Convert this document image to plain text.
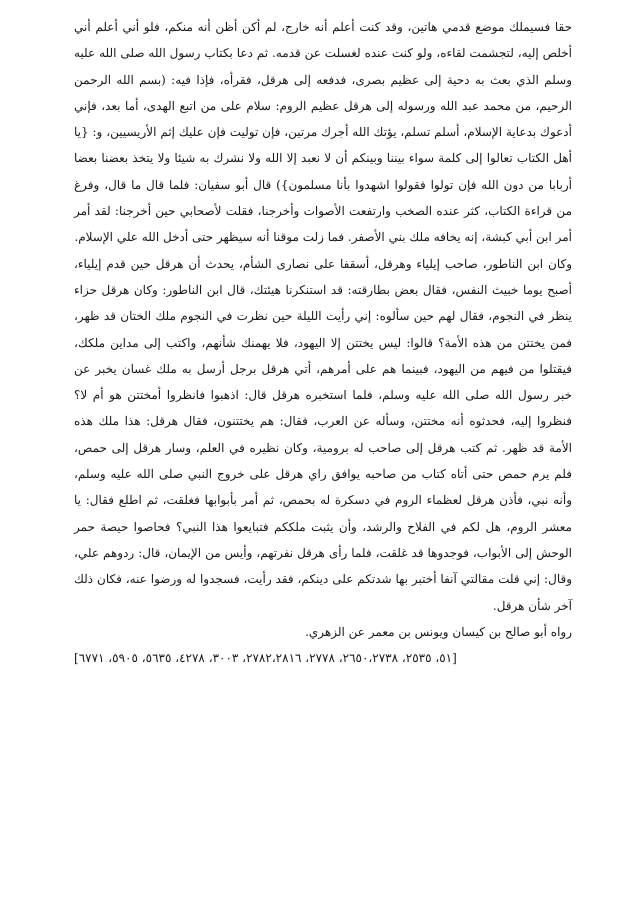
حقا فسيملك موضع قدمي هاتين، وقد كنت أعلم أنه خارج، لم أكن أظن أنه منكم، فلو أني أعلم أني أخلص إليه، لتجشمت لقاءه، ولو كنت عنده لغسلت عن قدمه. ثم دعا بكتاب رسول الله صلى الله عليه وسلم الذي بعث به دحية إلى عظيم بصرى، فدفعه إلى هرقل، فقرأه، فإذا فيه: (بسم الله الرحمن الرحيم، من محمد عبد الله ورسوله إلى هرقل عظيم الروم: سلام على من اتبع الهدى، أما بعد، فإني أدعوك بدعاية الإسلام، أسلم تسلم، يؤتك الله أجرك مرتين، فإن توليت فإن عليك إثم الأريسيين، و: {يا أهل الكتاب تعالوا إلى كلمة سواء بيننا وبينكم أن لا نعبد إلا الله ولا نشرك به شيئا ولا يتخذ بعضنا بعضا أربابا من دون الله فإن تولوا فقولوا اشهدوا بأنا مسلمون}) قال أبو سفيان: فلما قال ما قال، وفرغ من قراءة الكتاب، كثر عنده الصخب وارتفعت الأصوات وأخرجنا، فقلت لأصحابي حين أخرجنا: لقد أمر أمر ابن أبي كبشة، إنه يخافه ملك بني الأصفر. فما زلت موقنا أنه سيظهر حتى أدخل الله علي الإسلام.

وكان ابن الناطور، صاحب إيلياء وهرقل، أسقفا على نصارى الشأم، يحدث أن هرقل حين قدم إيلياء، أصبح يوما خبيث النفس، فقال بعض بطارقته: قد استنكرنا هيئتك، قال ابن الناطور: وكان هرقل حزاء ينظر في النجوم، فقال لهم حين سألوه: إني رأيت الليلة حين نظرت في النجوم ملك الختان قد ظهر، فمن يختتن من هذه الأمة؟ قالوا: ليس يختتن إلا اليهود، فلا يهمنك شأنهم، واكتب إلى مداين ملكك، فيقتلوا من فيهم من اليهود، فبينما هم على أمرهم، أتي هرقل برجل أرسل به ملك غسان يخبر عن خبر رسول الله صلى الله عليه وسلم، فلما استخبره هرقل قال: اذهبوا فانظروا أمختتن هو أم لا؟ فنظروا إليه، فحدثوه أنه مختتن، وسأله عن العرب، فقال: هم يختتنون، فقال هرقل: هذا ملك هذه الأمة قد ظهر. ثم كتب هرقل إلى صاحب له برومية، وكان نظيره في العلم، وسار هرقل إلى حمص، فلم يرم حمص حتى أتاه كتاب من صاحبه يوافق راي هرقل على خروج النبي صلى الله عليه وسلم، وأنه نبي، فأذن هرقل لعظماء الروم في دسكرة له بحمص، ثم أمر بأبوابها فغلقت، ثم اطلع فقال: يا معشر الروم، هل لكم في الفلاح والرشد، وأن يثبت ملككم فتبايعوا هذا النبي؟ فحاصوا حيصة حمر الوحش إلى الأبواب، فوجدوها قد غلقت، فلما رأى هرقل نفرتهم، وأيس من الإيمان، قال: ردوهم علي، وقال: إني قلت مقالتي آنفا أختبر بها شدتكم على دينكم، فقد رأيت، فسجدوا له ورضوا عنه، فكان ذلك آخر شأن هرقل.

رواه أبو صالح بن كيسان ويونس بن معمر عن الزهري.

[٥١، ٢٥٣٥، ٢٦٥٠،٢٧٣٨، ٢٧٧٨، ٢٧٨٢،٢٨١٦، ٣٠٠٣، ٤٢٧٨، ٥٦٣٥، ٥٩٠٥، ٦٧٧١]
